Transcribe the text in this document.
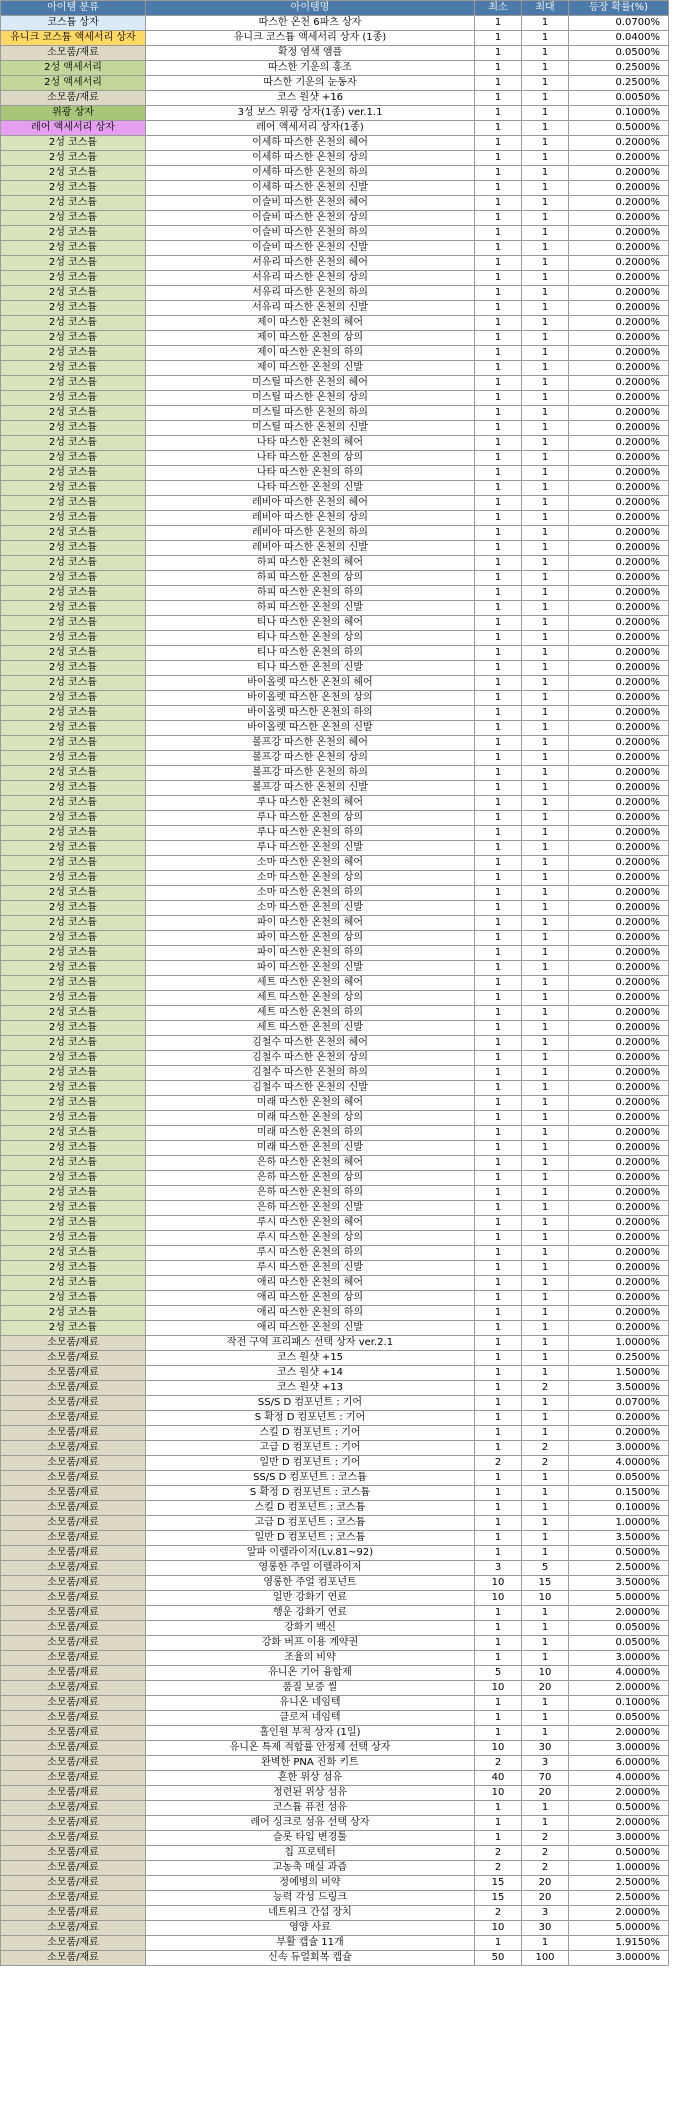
아이템 분류	아이템명	최소	최대	등장 확률(%)
코스튬 상자	따스한 온천 6파츠 상자	1	1	0.0700%
유니크 코스튬 액세서리 상자	유니크 코스튬 액세서리 상자 (1종)	1	1	0.0400%
소모품/재료	확정 염색 앰플	1	1	0.0500%
2성 액세서리	따스한 기운의 홍조	1	1	0.2500%
2성 액세서리	따스한 기운의 눈동자	1	1	0.2500%
소모품/재료	코스 원샷 +16	1	1	0.0050%
위광 상자	3성 보스 위광 상자(1종) ver.1.1	1	1	0.1000%
레어 액세서리 상자	레어 액세서리 상자(1종)	1	1	0.5000%
2성 코스튬	이세하 따스한 온천의 헤어	1	1	0.2000%
2성 코스튬	이세하 따스한 온천의 상의	1	1	0.2000%
2성 코스튬	이세하 따스한 온천의 하의	1	1	0.2000%
2성 코스튬	이세하 따스한 온천의 신발	1	1	0.2000%
2성 코스튬	이슬비 따스한 온천의 헤어	1	1	0.2000%
2성 코스튬	이슬비 따스한 온천의 상의	1	1	0.2000%
2성 코스튬	이슬비 따스한 온천의 하의	1	1	0.2000%
2성 코스튬	이슬비 따스한 온천의 신발	1	1	0.2000%
2성 코스튬	서유리 따스한 온천의 헤어	1	1	0.2000%
2성 코스튬	서유리 따스한 온천의 상의	1	1	0.2000%
2성 코스튬	서유리 따스한 온천의 하의	1	1	0.2000%
2성 코스튬	서유리 따스한 온천의 신발	1	1	0.2000%
2성 코스튬	제이 따스한 온천의 헤어	1	1	0.2000%
2성 코스튬	제이 따스한 온천의 상의	1	1	0.2000%
2성 코스튬	제이 따스한 온천의 하의	1	1	0.2000%
2성 코스튬	제이 따스한 온천의 신발	1	1	0.2000%
2성 코스튬	미스틸 따스한 온천의 헤어	1	1	0.2000%
2성 코스튬	미스틸 따스한 온천의 상의	1	1	0.2000%
2성 코스튬	미스틸 따스한 온천의 하의	1	1	0.2000%
2성 코스튬	미스틸 따스한 온천의 신발	1	1	0.2000%
2성 코스튬	나타 따스한 온천의 헤어	1	1	0.2000%
2성 코스튬	나타 따스한 온천의 상의	1	1	0.2000%
2성 코스튬	나타 따스한 온천의 하의	1	1	0.2000%
2성 코스튬	나타 따스한 온천의 신발	1	1	0.2000%
2성 코스튬	레비아 따스한 온천의 헤어	1	1	0.2000%
2성 코스튬	레비아 따스한 온천의 상의	1	1	0.2000%
2성 코스튬	레비아 따스한 온천의 하의	1	1	0.2000%
2성 코스튬	레비아 따스한 온천의 신발	1	1	0.2000%
2성 코스튬	하피 따스한 온천의 헤어	1	1	0.2000%
2성 코스튬	하피 따스한 온천의 상의	1	1	0.2000%
2성 코스튬	하피 따스한 온천의 하의	1	1	0.2000%
2성 코스튬	하피 따스한 온천의 신발	1	1	0.2000%
2성 코스튬	티나 따스한 온천의 헤어	1	1	0.2000%
2성 코스튬	티나 따스한 온천의 상의	1	1	0.2000%
2성 코스튬	티나 따스한 온천의 하의	1	1	0.2000%
2성 코스튬	티나 따스한 온천의 신발	1	1	0.2000%
2성 코스튬	바이올렛 따스한 온천의 헤어	1	1	0.2000%
2성 코스튬	바이올렛 따스한 온천의 상의	1	1	0.2000%
2성 코스튬	바이올렛 따스한 온천의 하의	1	1	0.2000%
2성 코스튬	바이올렛 따스한 온천의 신발	1	1	0.2000%
2성 코스튬	볼프강 따스한 온천의 헤어	1	1	0.2000%
2성 코스튬	볼프강 따스한 온천의 상의	1	1	0.2000%
2성 코스튬	볼프강 따스한 온천의 하의	1	1	0.2000%
2성 코스튬	볼프강 따스한 온천의 신발	1	1	0.2000%
2성 코스튬	루나 따스한 온천의 헤어	1	1	0.2000%
2성 코스튬	루나 따스한 온천의 상의	1	1	0.2000%
2성 코스튬	루나 따스한 온천의 하의	1	1	0.2000%
2성 코스튬	루나 따스한 온천의 신발	1	1	0.2000%
2성 코스튬	소마 따스한 온천의 헤어	1	1	0.2000%
2성 코스튬	소마 따스한 온천의 상의	1	1	0.2000%
2성 코스튬	소마 따스한 온천의 하의	1	1	0.2000%
2성 코스튬	소마 따스한 온천의 신발	1	1	0.2000%
2성 코스튬	파이 따스한 온천의 헤어	1	1	0.2000%
2성 코스튬	파이 따스한 온천의 상의	1	1	0.2000%
2성 코스튬	파이 따스한 온천의 하의	1	1	0.2000%
2성 코스튬	파이 따스한 온천의 신발	1	1	0.2000%
2성 코스튬	세트 따스한 온천의 헤어	1	1	0.2000%
2성 코스튬	세트 따스한 온천의 상의	1	1	0.2000%
2성 코스튬	세트 따스한 온천의 하의	1	1	0.2000%
2성 코스튬	세트 따스한 온천의 신발	1	1	0.2000%
2성 코스튬	김철수 따스한 온천의 헤어	1	1	0.2000%
2성 코스튬	김철수 따스한 온천의 상의	1	1	0.2000%
2성 코스튬	김철수 따스한 온천의 하의	1	1	0.2000%
2성 코스튬	김철수 따스한 온천의 신발	1	1	0.2000%
2성 코스튬	미래 따스한 온천의 헤어	1	1	0.2000%
2성 코스튬	미래 따스한 온천의 상의	1	1	0.2000%
2성 코스튬	미래 따스한 온천의 하의	1	1	0.2000%
2성 코스튬	미래 따스한 온천의 신발	1	1	0.2000%
2성 코스튬	은하 따스한 온천의 헤어	1	1	0.2000%
2성 코스튬	은하 따스한 온천의 상의	1	1	0.2000%
2성 코스튬	은하 따스한 온천의 하의	1	1	0.2000%
2성 코스튬	은하 따스한 온천의 신발	1	1	0.2000%
2성 코스튬	루시 따스한 온천의 헤어	1	1	0.2000%
2성 코스튬	루시 따스한 온천의 상의	1	1	0.2000%
2성 코스튬	루시 따스한 온천의 하의	1	1	0.2000%
2성 코스튬	루시 따스한 온천의 신발	1	1	0.2000%
2성 코스튬	애리 따스한 온천의 헤어	1	1	0.2000%
2성 코스튬	애리 따스한 온천의 상의	1	1	0.2000%
2성 코스튬	애리 따스한 온천의 하의	1	1	0.2000%
2성 코스튬	애리 따스한 온천의 신발	1	1	0.2000%
소모품/재료	작전 구역 프리패스 선택 상자 ver.2.1	1	1	1.0000%
소모품/재료	코스 원샷 +15	1	1	0.2500%
소모품/재료	코스 원샷 +14	1	1	1.5000%
소모품/재료	코스 원샷 +13	1	2	3.5000%
소모품/재료	SS/S D 컴포넌트 : 기어	1	1	0.0700%
소모품/재료	S 확정 D 컴포넌트 : 기어	1	1	0.2000%
소모품/재료	스킬 D 컴포넌트 : 기어	1	1	0.2000%
소모품/재료	고급 D 컴포넌트 : 기어	1	2	3.0000%
소모품/재료	일반 D 컴포넌트 : 기어	2	2	4.0000%
소모품/재료	SS/S D 컴포넌트 : 코스튬	1	1	0.0500%
소모품/재료	S 확정 D 컴포넌트 : 코스튬	1	1	0.1500%
소모품/재료	스킬 D 컴포넌트 : 코스튬	1	1	0.1000%
소모품/재료	고급 D 컴포넌트 : 코스튬	1	1	1.0000%
소모품/재료	일반 D 컴포넌트 : 코스튬	1	1	3.5000%
소모품/재료	알파 이렐라이저(Lv.81~92)	1	1	0.5000%
소모품/재료	영롱한 주얼 이렐라이저	3	5	2.5000%
소모품/재료	영롱한 주얼 컴포넌트	10	15	3.5000%
소모품/재료	일반 강화기 연료	10	10	5.0000%
소모품/재료	행운 강화기 연료	1	1	2.0000%
소모품/재료	강화기 백신	1	1	0.0500%
소모품/재료	강화 버프 이용 계약권	1	1	0.0500%
소모품/재료	조율의 비약	1	1	3.0000%
소모품/재료	유니온 기어 융합제	5	10	4.0000%
소모품/재료	품질 보증 씰	10	20	2.0000%
소모품/재료	유니온 네임텍	1	1	0.1000%
소모품/재료	클로저 네임텍	1	1	0.0500%
소모품/재료	홀인원 부적 상자 (1일)	1	1	2.0000%
소모품/재료	유니온 특제 적합률 안정제 선택 상자	10	30	3.0000%
소모품/재료	완벽한 PNA 진화 키트	2	3	6.0000%
소모품/재료	흔한 위상 섬유	40	70	4.0000%
소모품/재료	정련된 위상 섬유	10	20	2.0000%
소모품/재료	코스튬 퓨전 섬유	1	1	0.5000%
소모품/재료	레어 싱크로 섬유 선택 상자	1	1	2.0000%
소모품/재료	슬롯 타입 변경툴	1	2	3.0000%
소모품/재료	칩 프로텍터	2	2	0.5000%
소모품/재료	고농축 매실 과즙	2	2	1.0000%
소모품/재료	정예병의 비약	15	20	2.5000%
소모품/재료	능력 각성 드링크	15	20	2.5000%
소모품/재료	네트워크 간섭 장치	2	3	2.0000%
소모품/재료	영양 사료	10	30	5.0000%
소모품/재료	부활 캡슐 11개	1	1	1.9150%
소모품/재료	신속 듀얼회복 캡슐	50	100	3.0000%
